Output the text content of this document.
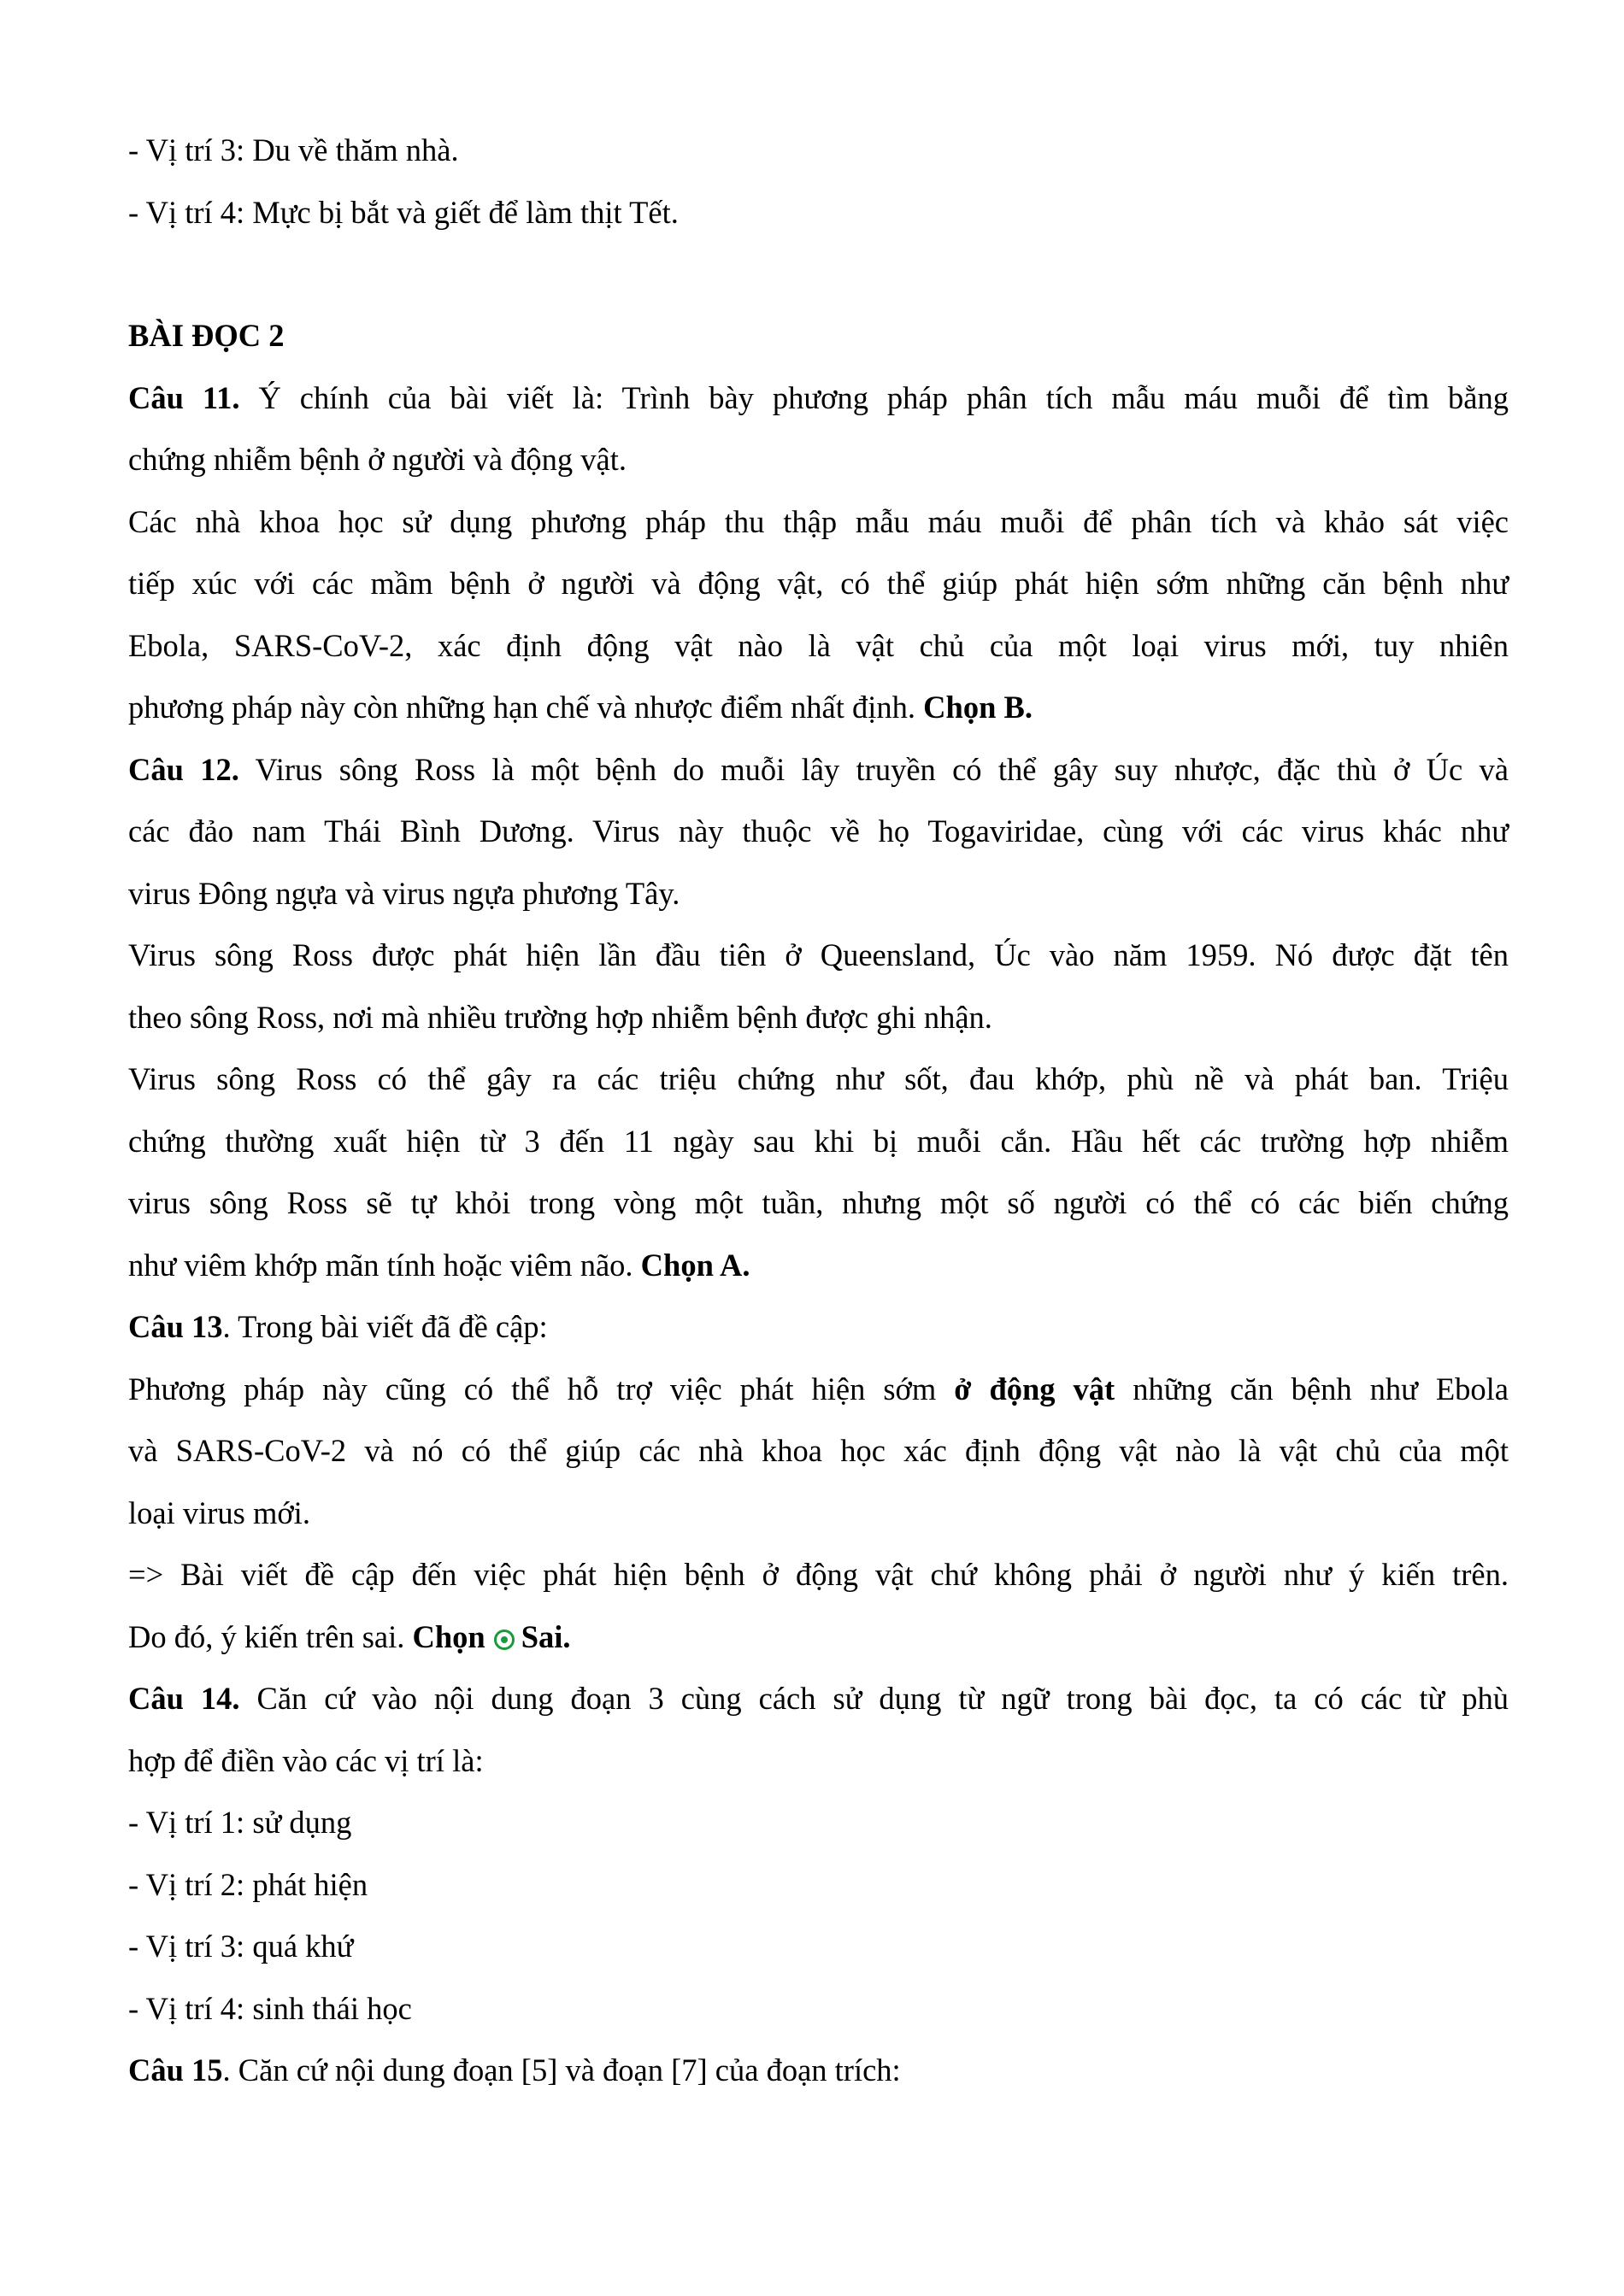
- Vị trí 3: Du về thăm nhà.
- Vị trí 4: Mực bị bắt và giết để làm thịt Tết.
BÀI ĐỌC 2
Câu 11. Ý chính của bài viết là: Trình bày phương pháp phân tích mẫu máu muỗi để tìm bằng
chứng nhiễm bệnh ở người và động vật.
Các nhà khoa học sử dụng phương pháp thu thập mẫu máu muỗi để phân tích và khảo sát việc
tiếp xúc với các mầm bệnh ở người và động vật, có thể giúp phát hiện sớm những căn bệnh như
Ebola, SARS-CoV-2, xác định động vật nào là vật chủ của một loại virus mới, tuy nhiên
phương pháp này còn những hạn chế và nhược điểm nhất định. Chọn B.
Câu 12. Virus sông Ross là một bệnh do muỗi lây truyền có thể gây suy nhược, đặc thù ở Úc và
các đảo nam Thái Bình Dương. Virus này thuộc về họ Togaviridae, cùng với các virus khác như
virus Đông ngựa và virus ngựa phương Tây.
Virus sông Ross được phát hiện lần đầu tiên ở Queensland, Úc vào năm 1959. Nó được đặt tên
theo sông Ross, nơi mà nhiều trường hợp nhiễm bệnh được ghi nhận.
Virus sông Ross có thể gây ra các triệu chứng như sốt, đau khớp, phù nề và phát ban. Triệu
chứng thường xuất hiện từ 3 đến 11 ngày sau khi bị muỗi cắn. Hầu hết các trường hợp nhiễm
virus sông Ross sẽ tự khỏi trong vòng một tuần, nhưng một số người có thể có các biến chứng
như viêm khớp mãn tính hoặc viêm não. Chọn A.
Câu 13. Trong bài viết đã đề cập:
Phương pháp này cũng có thể hỗ trợ việc phát hiện sớm ở động vật những căn bệnh như Ebola
và SARS-CoV-2 và nó có thể giúp các nhà khoa học xác định động vật nào là vật chủ của một
loại virus mới.
=> Bài viết đề cập đến việc phát hiện bệnh ở động vật chứ không phải ở người như ý kiến trên.
Do đó, ý kiến trên sai. Chọn Sai.
Câu 14. Căn cứ vào nội dung đoạn 3 cùng cách sử dụng từ ngữ trong bài đọc, ta có các từ phù
hợp để điền vào các vị trí là:
- Vị trí 1: sử dụng
- Vị trí 2: phát hiện
- Vị trí 3: quá khứ
- Vị trí 4: sinh thái học
Câu 15. Căn cứ nội dung đoạn [5] và đoạn [7] của đoạn trích:
